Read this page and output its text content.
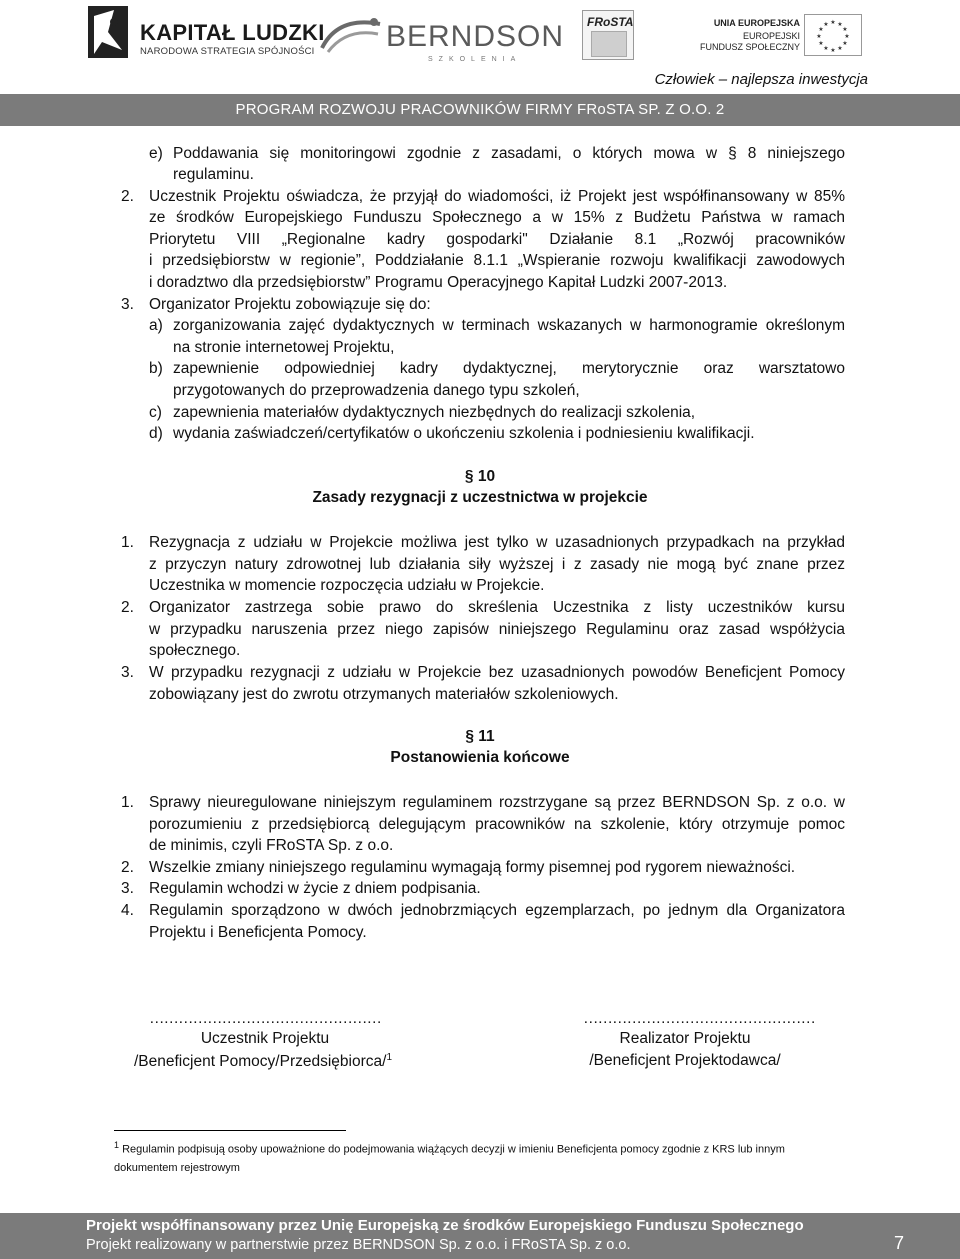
KAPITAŁ LUDZKI
NARODOWA STRATEGIA SPÓJNOŚCI BERNDSON
SZKOLENIA
FRoSTA	UNIA EUROPEJSKA
EUROPEJSKI
FUNDUSZ SPOŁECZNY
★ ★
★
★
★
★
★
★
★
★
★
★
Człowiek – najlepsza inwestycja
PROGRAM ROZWOJU PRACOWNIKÓW FIRMY FRoSTA SP. Z O.O. 2
e) Poddawania się monitoringowi zgodnie z zasadami, o których mowa w § 8 niniejszego
regulaminu.
2. Uczestnik Projektu oświadcza, że przyjął do wiadomości, iż Projekt jest współfinansowany w 85%
ze środków Europejskiego Funduszu Społecznego a w 15% z Budżetu Państwa w ramach
Priorytetu VIII „Regionalne kadry gospodarki" Działanie 8.1 „Rozwój pracowników
i przedsiębiorstw w regionie”, Poddziałanie 8.1.1 „Wspieranie rozwoju kwalifikacji zawodowych
i doradztwo dla przedsiębiorstw” Programu Operacyjnego Kapitał Ludzki 2007-2013.
3. Organizator Projektu zobowiązuje się do:
a) zorganizowania zajęć dydaktycznych w terminach wskazanych w harmonogramie określonym
na stronie internetowej Projektu,
b) zapewnienie odpowiedniej kadry dydaktycznej, merytorycznie oraz warsztatowo
przygotowanych do przeprowadzenia danego typu szkoleń,
c) zapewnienia materiałów dydaktycznych niezbędnych do realizacji szkolenia,
d) wydania zaświadczeń/certyfikatów o ukończeniu szkolenia i podniesieniu kwalifikacji.
§ 10
Zasady rezygnacji z uczestnictwa w projekcie
1. Rezygnacja z udziału w Projekcie możliwa jest tylko w uzasadnionych przypadkach na przykład
z przyczyn natury zdrowotnej lub działania siły wyższej i z zasady nie mogą być znane przez
Uczestnika w momencie rozpoczęcia udziału w Projekcie.
2. Organizator zastrzega sobie prawo do skreślenia Uczestnika z listy uczestników kursu
w przypadku naruszenia przez niego zapisów niniejszego Regulaminu oraz zasad współżycia
społecznego.
3. W przypadku rezygnacji z udziału w Projekcie bez uzasadnionych powodów Beneficjent Pomocy
zobowiązany jest do zwrotu otrzymanych materiałów szkoleniowych.
§ 11
Postanowienia końcowe
1. Sprawy nieuregulowane niniejszym regulaminem rozstrzygane są przez BERNDSON Sp. z o.o. w
porozumieniu z przedsiębiorcą delegującym pracowników na szkolenie, który otrzymuje pomoc
de minimis, czyli FRoSTA Sp. z o.o.
2. Wszelkie zmiany niniejszego regulaminu wymagają formy pisemnej pod rygorem nieważności.
3. Regulamin wchodzi w życie z dniem podpisania.
4. Regulamin sporządzono w dwóch jednobrzmiących egzemplarzach, po jednym dla Organizatora
Projektu i Beneficjenta Pomocy.
…………………………………………
Uczestnik Projektu
/Beneficjent Pomocy/Przedsiębiorca/$^1$
…………………………………………
Realizator Projektu
/Beneficjent Projektodawca/
$^1$ Regulamin podpisują osoby upoważnione do podejmowania wiążących decyzji w imieniu Beneficjenta pomocy zgodnie z KRS lub innym
dokumentem rejestrowym
Projekt współfinansowany przez Unię Europejską ze środków Europejskiego Funduszu Społecznego
Projekt realizowany w partnerstwie przez BERNDSON Sp. z o.o. i FRoSTA Sp. z o.o.	7
